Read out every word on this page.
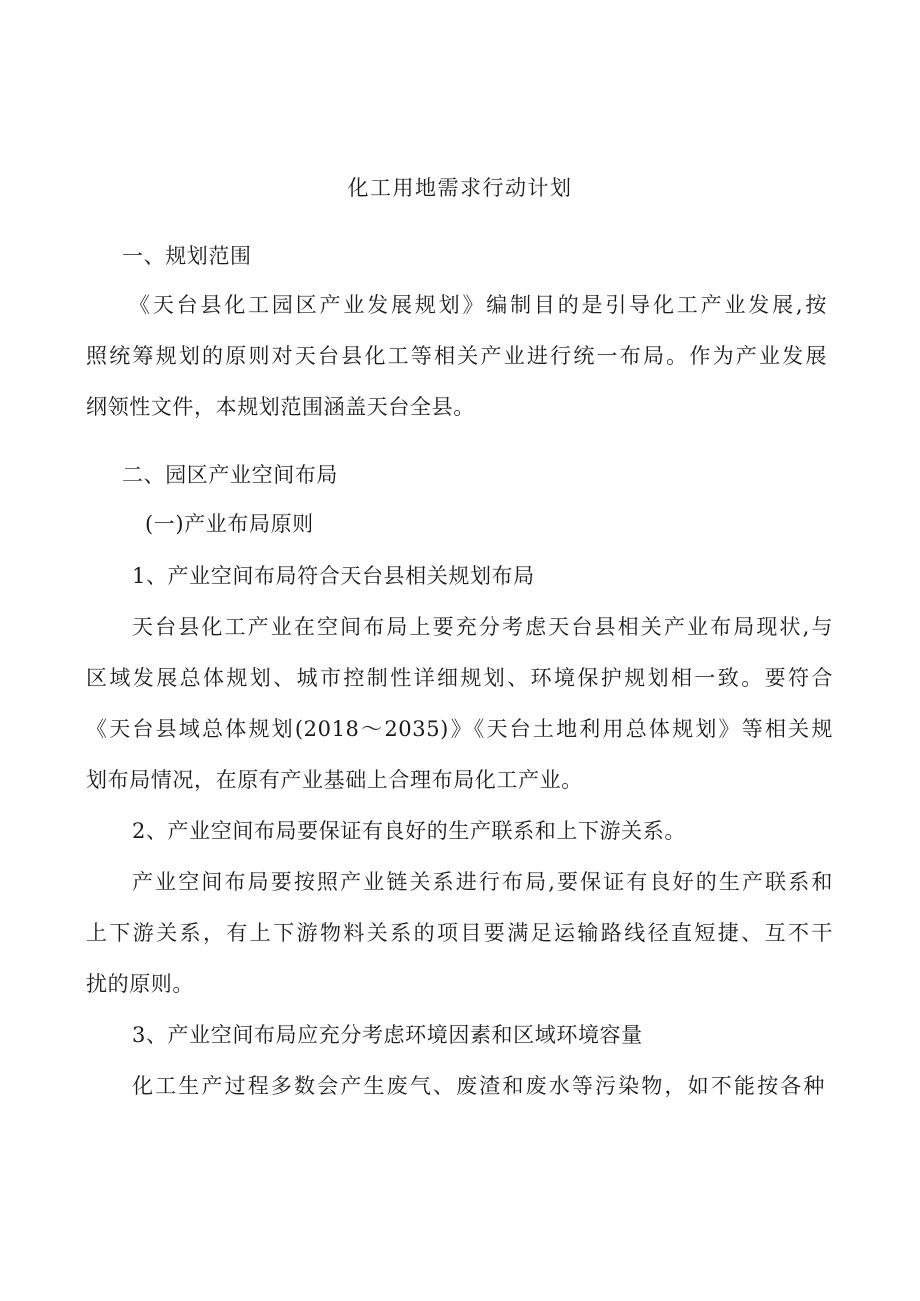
化工用地需求行动计划
一、规划范围
《天台县化工园区产业发展规划》编制目的是引导化工产业发展,按
照统筹规划的原则对天台县化工等相关产业进行统一布局。作为产业发展
纲领性文件，本规划范围涵盖天台全县。
二、园区产业空间布局
(一)产业布局原则
1、产业空间布局符合天台县相关规划布局
天台县化工产业在空间布局上要充分考虑天台县相关产业布局现状,与
区域发展总体规划、城市控制性详细规划、环境保护规划相一致。要符合
《天台县域总体规划(2018～2035)》《天台土地利用总体规划》等相关规
划布局情况，在原有产业基础上合理布局化工产业。
2、产业空间布局要保证有良好的生产联系和上下游关系。
产业空间布局要按照产业链关系进行布局,要保证有良好的生产联系和
上下游关系，有上下游物料关系的项目要满足运输路线径直短捷、互不干
扰的原则。
3、产业空间布局应充分考虑环境因素和区域环境容量
化工生产过程多数会产生废气、废渣和废水等污染物，如不能按各种
